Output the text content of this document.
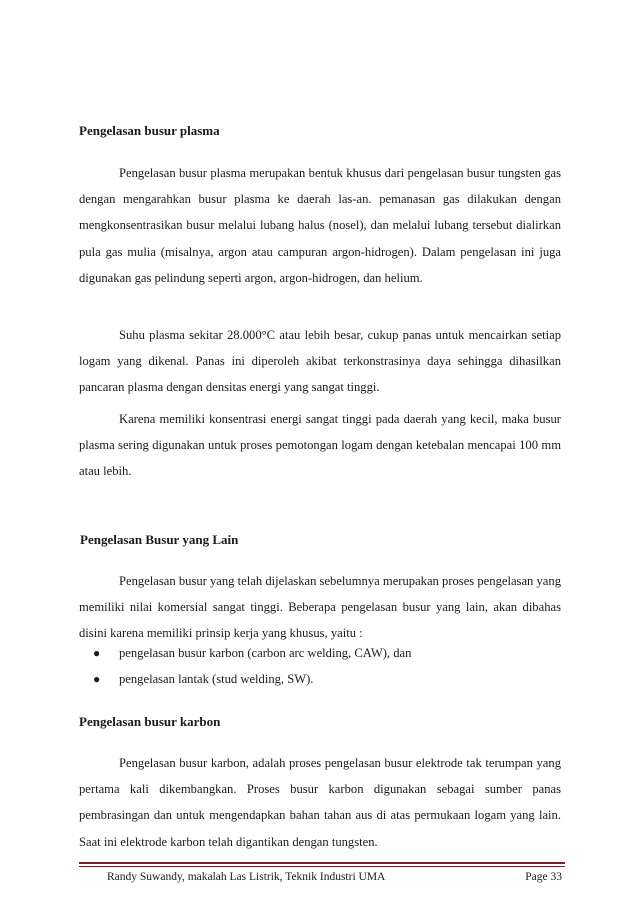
Pengelasan busur plasma

Pengelasan busur plasma merupakan bentuk khusus dari pengelasan busur tungsten gas dengan mengarahkan busur plasma ke daerah las-an. pemanasan gas dilakukan dengan mengkonsentrasikan busur melalui lubang halus (nosel), dan melalui lubang tersebut dialirkan pula gas mulia (misalnya, argon atau campuran argon-hidrogen). Dalam pengelasan ini juga digunakan gas pelindung seperti argon, argon-hidrogen, dan helium.

Suhu plasma sekitar 28.000°C atau lebih besar, cukup panas untuk mencairkan setiap logam yang dikenal. Panas ini diperoleh akibat terkonstrasinya daya sehingga dihasilkan pancaran plasma dengan densitas energi yang sangat tinggi.

Karena memiliki konsentrasi energi sangat tinggi pada daerah yang kecil, maka busur plasma sering digunakan untuk proses pemotongan logam dengan ketebalan mencapai 100 mm atau lebih.

Pengelasan Busur yang Lain

Pengelasan busur yang telah dijelaskan sebelumnya merupakan proses pengelasan yang memiliki nilai komersial sangat tinggi. Beberapa pengelasan busur yang lain, akan dibahas disini karena memiliki prinsip kerja yang khusus, yaitu :

● pengelasan busur karbon (carbon arc welding, CAW), dan
● pengelasan lantak (stud welding, SW).
Pengelasan busur karbon

Pengelasan busur karbon, adalah proses pengelasan busur elektrode tak terumpan yang pertama kali dikembangkan. Proses busur karbon digunakan sebagai sumber panas pembrasingan dan untuk mengendapkan bahan tahan aus di atas permukaan logam yang lain. Saat ini elektrode karbon telah digantikan dengan tungsten.

Randy Suwandy, makalah Las Listrik, Teknik Industri UMA	Page 33
